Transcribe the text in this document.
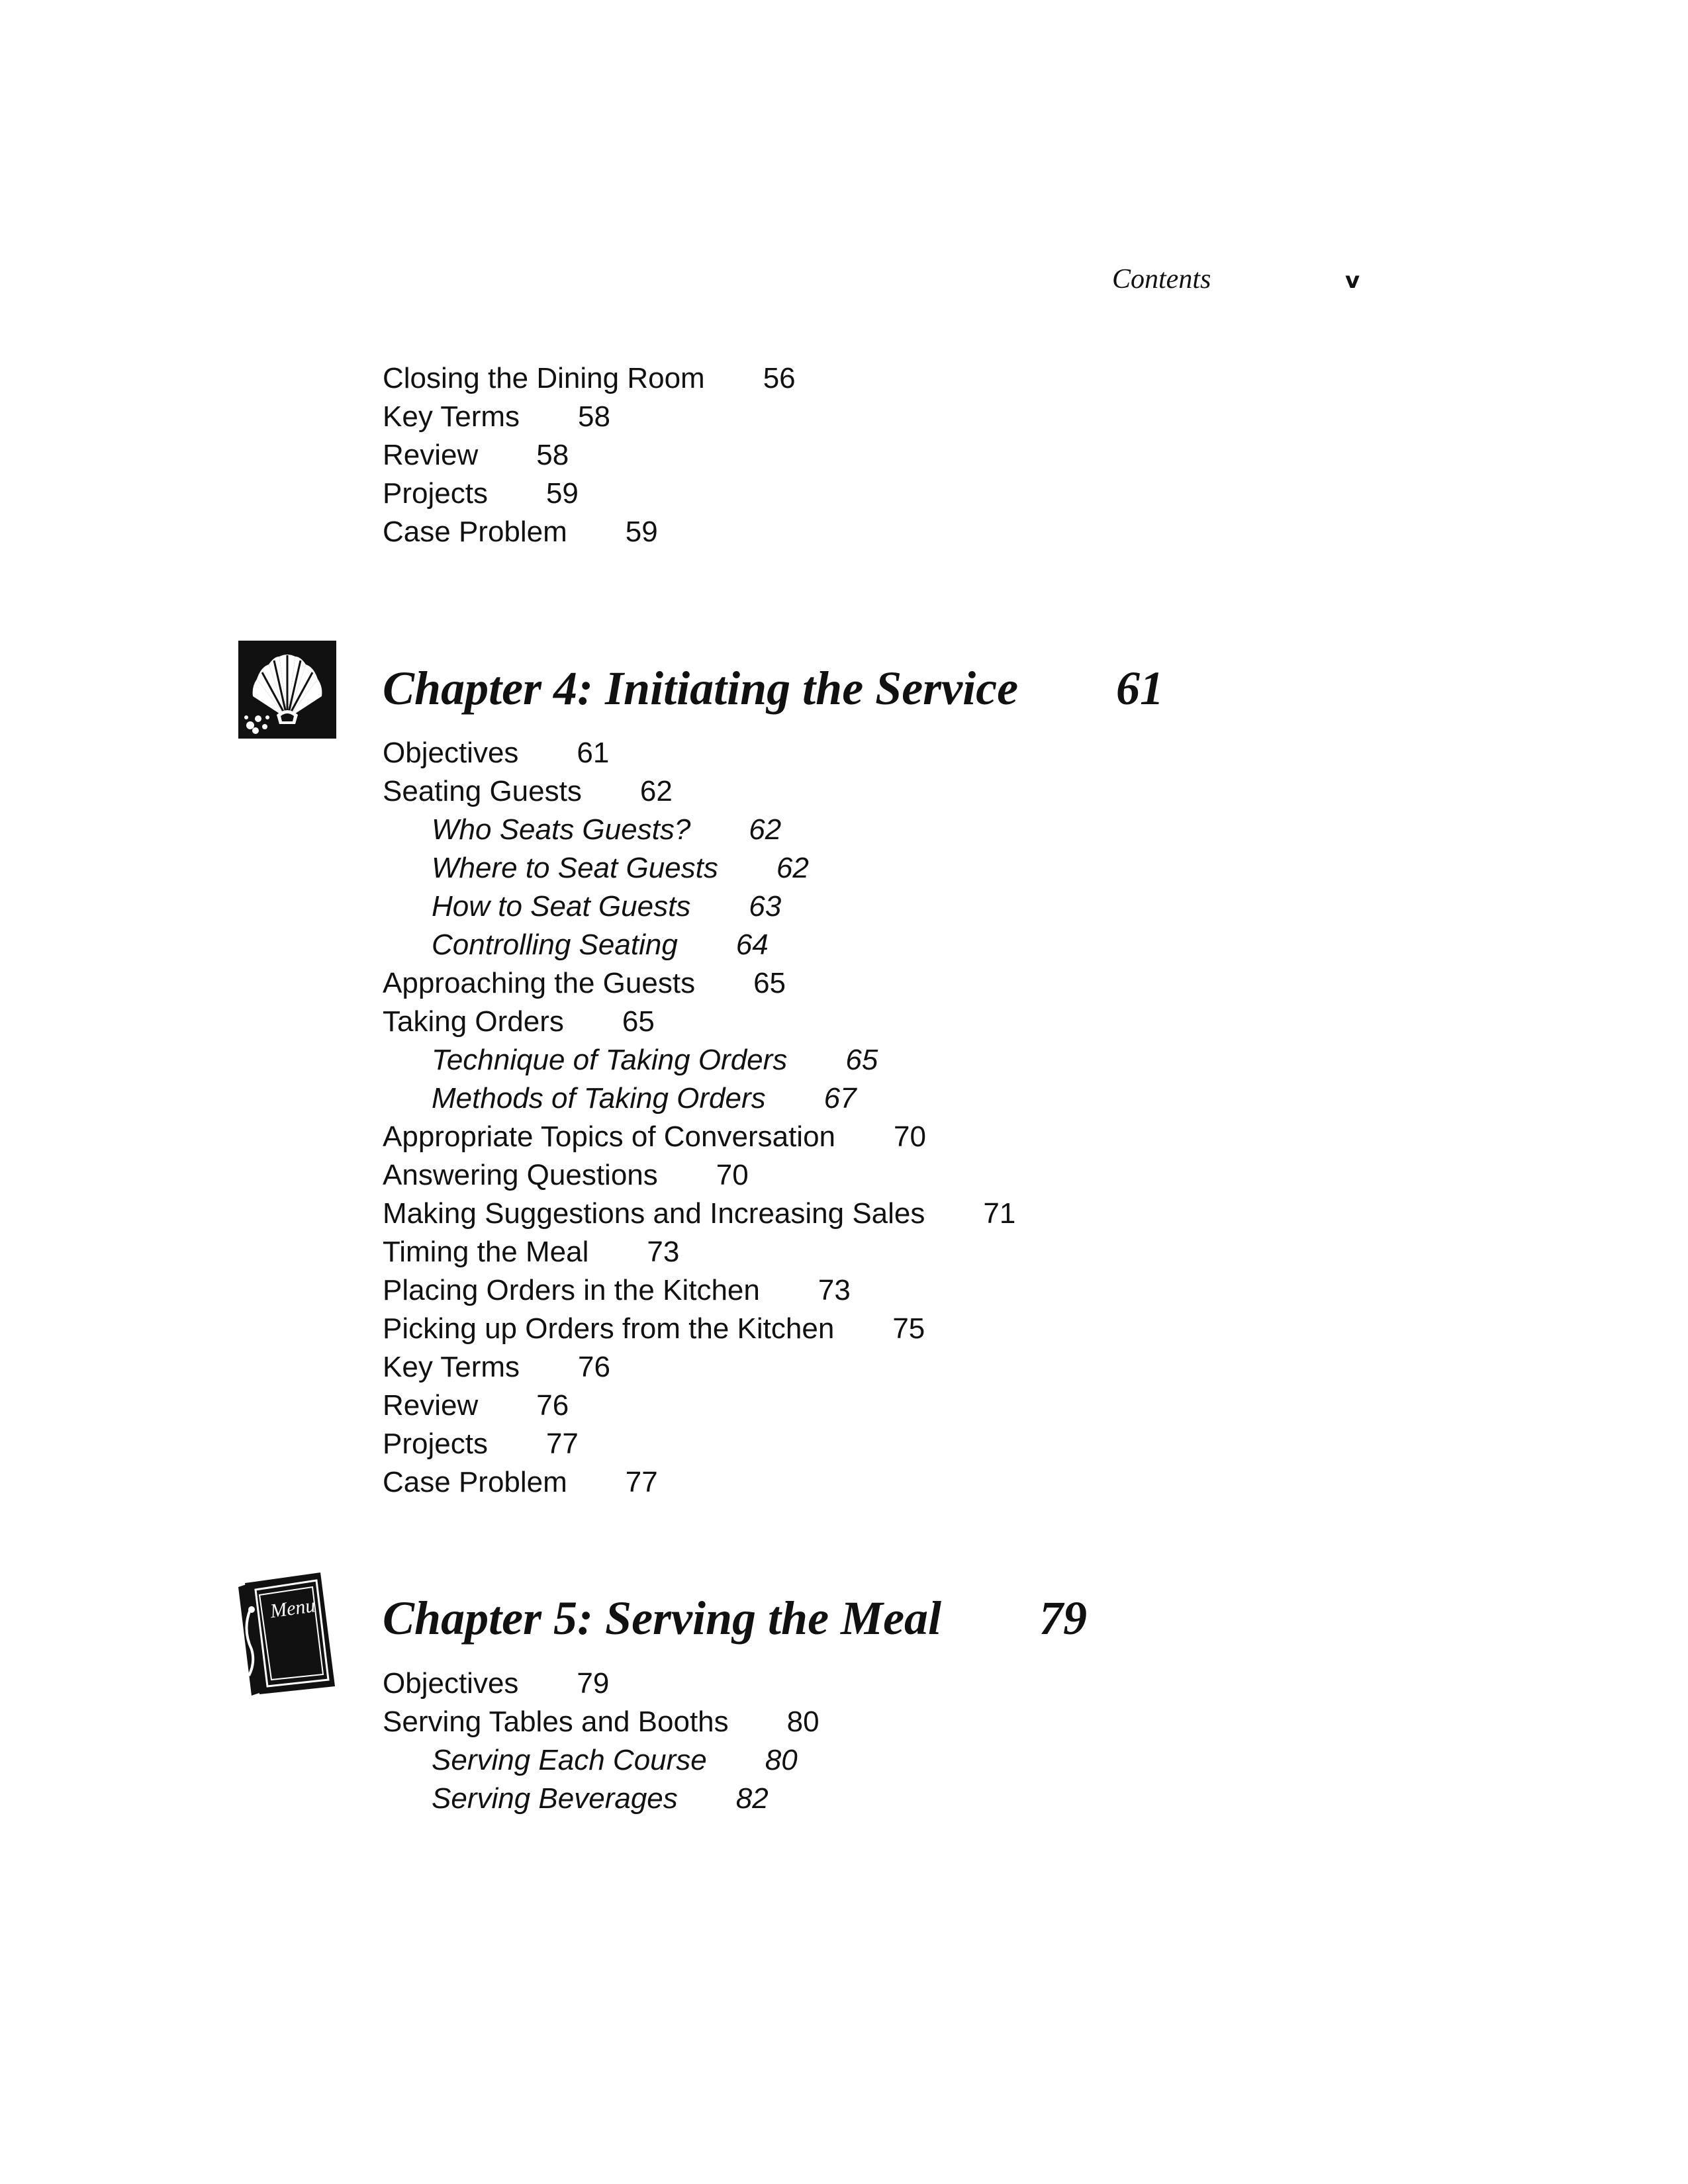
Contents	v
Closing the Dining Room 56
Key Terms 58
Review 58
Projects 59
Case Problem 59
Chapter 4: Initiating the Service 61
Objectives 61
Seating Guests 62
Who Seats Guests? 62
Where to Seat Guests 62
How to Seat Guests 63
Controlling Seating 64
Approaching the Guests 65
Taking Orders 65
Technique of Taking Orders 65
Methods of Taking Orders 67
Appropriate Topics of Conversation 70
Answering Questions 70
Making Suggestions and Increasing Sales 71
Timing the Meal 73
Placing Orders in the Kitchen 73
Picking up Orders from the Kitchen 75
Key Terms 76
Review 76
Projects 77
Case Problem 77
Menu Chapter 5: Serving the Meal 79
Objectives 79
Serving Tables and Booths 80
Serving Each Course 80
Serving Beverages 82
